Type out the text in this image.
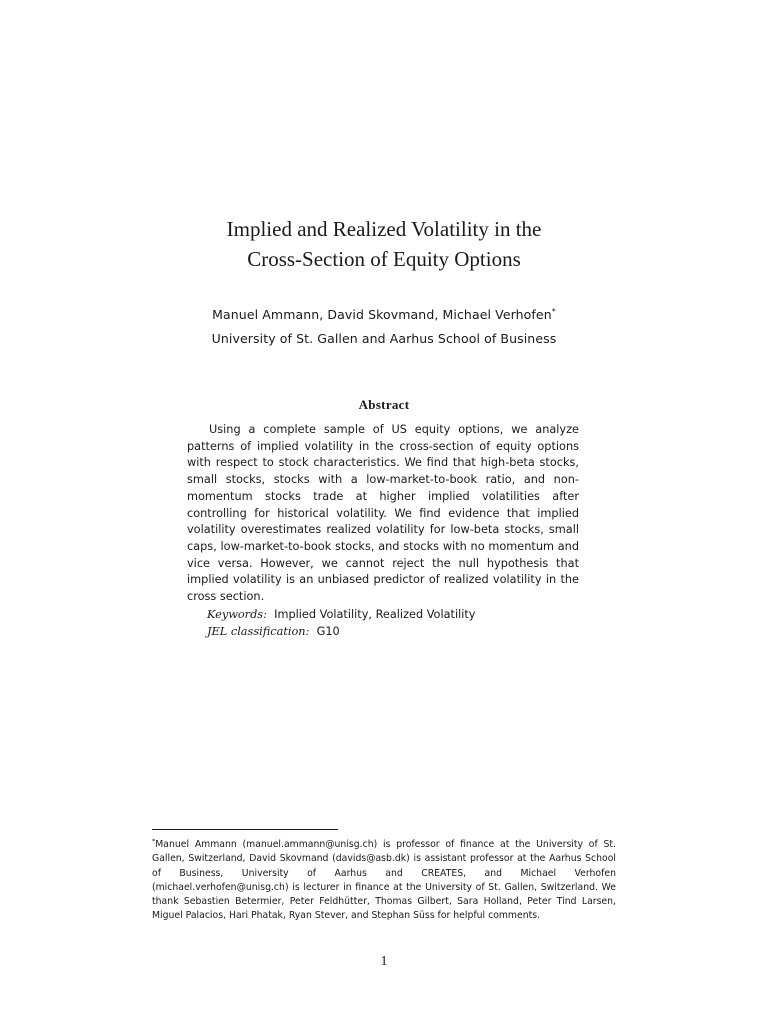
Implied and Realized Volatility in the
Cross-Section of Equity Options
Manuel Ammann, David Skovmand, Michael Verhofen*
University of St. Gallen and Aarhus School of Business
Abstract

Using a complete sample of US equity options, we analyze patterns of implied volatility in the cross-section of equity options with respect to stock characteristics. We find that high-beta stocks, small stocks, stocks with a low-market-to-book ratio, and non-momentum stocks trade at higher implied volatilities after controlling for historical volatility. We find evidence that implied volatility overestimates realized volatility for low-beta stocks, small caps, low-market-to-book stocks, and stocks with no momentum and vice versa. However, we cannot reject the null hypothesis that implied volatility is an unbiased predictor of realized volatility in the cross section.

Keywords: Implied Volatility, Realized Volatility
JEL classification: G10

*Manuel Ammann (manuel.ammann@unisg.ch) is professor of finance at the University of St. Gallen, Switzerland, David Skovmand (davids@asb.dk) is assistant professor at the Aarhus School of Business, University of Aarhus and CREATES, and Michael Verhofen (michael.verhofen@unisg.ch) is lecturer in finance at the University of St. Gallen, Switzerland. We thank Sebastien Betermier, Peter Feldhütter, Thomas Gilbert, Sara Holland, Peter Tind Larsen, Miguel Palacios, Hari Phatak, Ryan Stever, and Stephan Süss for helpful comments.

1
